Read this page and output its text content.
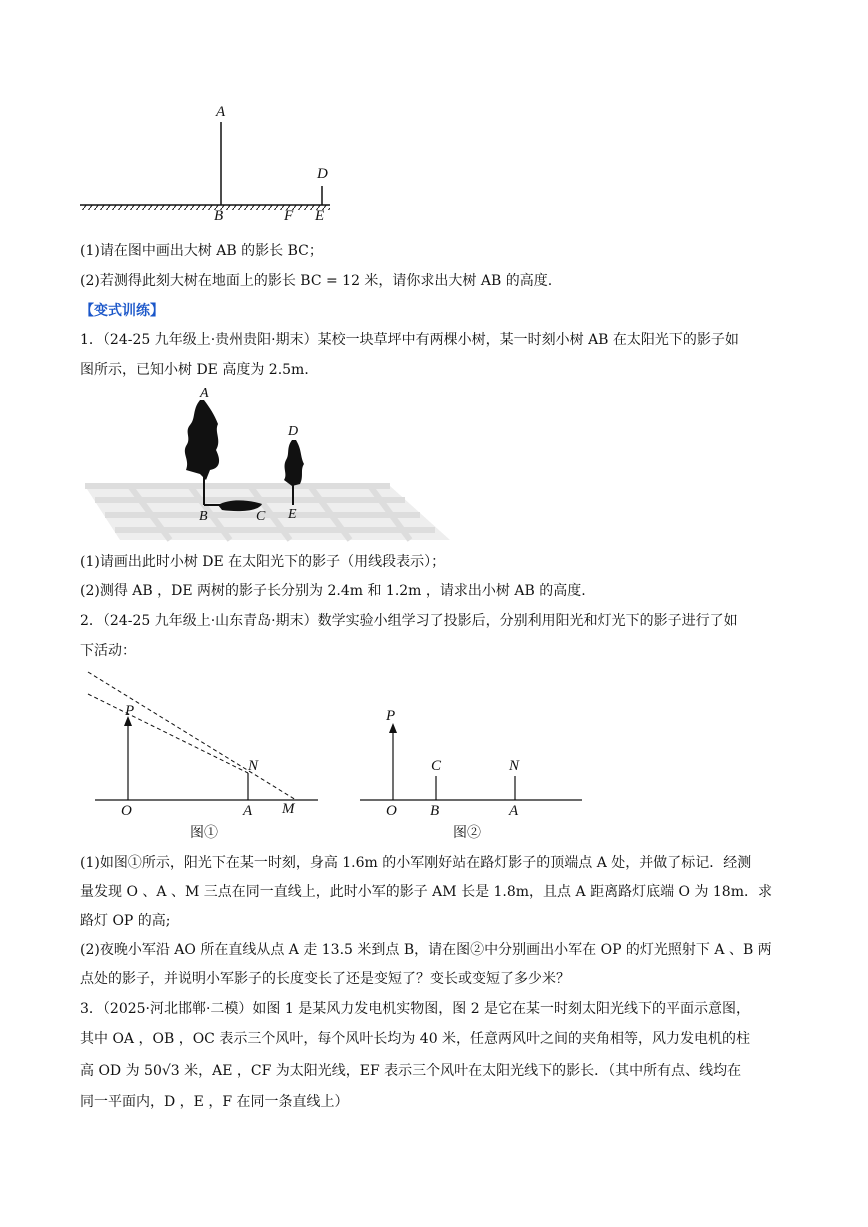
A
D
B	F E
(1)请在图中画出大树 AB 的影长 BC；
(2)若测得此刻大树在地面上的影长 BC = 12 米，请你求出大树 AB 的高度.
【变式训练】
1．（24-25 九年级上·贵州贵阳·期末）某校一块草坪中有两棵小树，某一时刻小树 AB 在太阳光下的影子如
图所示，已知小树 DE 高度为 2.5m．
A
D
B	C E
(1)请画出此时小树 DE 在太阳光下的影子（用线段表示）；
(2)测得 AB ，DE 两树的影子长分别为 2.4m 和 1.2m ，请求出小树 AB 的高度.
2．（24-25 九年级上·山东青岛·期末）数学实验小组学习了投影后，分别利用阳光和灯光下的影子进行了如
下活动：
P
N
O	A M
图①
P
C	N
O B	A
图②
(1)如图①所示，阳光下在某一时刻，身高 1.6m 的小军刚好站在路灯影子的顶端点 A 处，并做了标记．经测
量发现 O 、A 、M 三点在同一直线上，此时小军的影子 AM 长是 1.8m，且点 A 距离路灯底端 O 为 18m．求
路灯 OP 的高;
(2)夜晚小军沿 AO 所在直线从点 A 走 13.5 米到点 B，请在图②中分别画出小军在 OP 的灯光照射下 A 、B 两
点处的影子，并说明小军影子的长度变长了还是变短了？变长或变短了多少米？
3．（2025·河北邯郸·二模）如图 1 是某风力发电机实物图，图 2 是它在某一时刻太阳光线下的平面示意图，
其中 OA ，OB ，OC 表示三个风叶，每个风叶长均为 40 米，任意两风叶之间的夹角相等，风力发电机的柱
高 OD 为 50√3 米，AE ，CF 为太阳光线，EF 表示三个风叶在太阳光线下的影长．（其中所有点、线均在
同一平面内，D ，E ，F 在同一条直线上）
